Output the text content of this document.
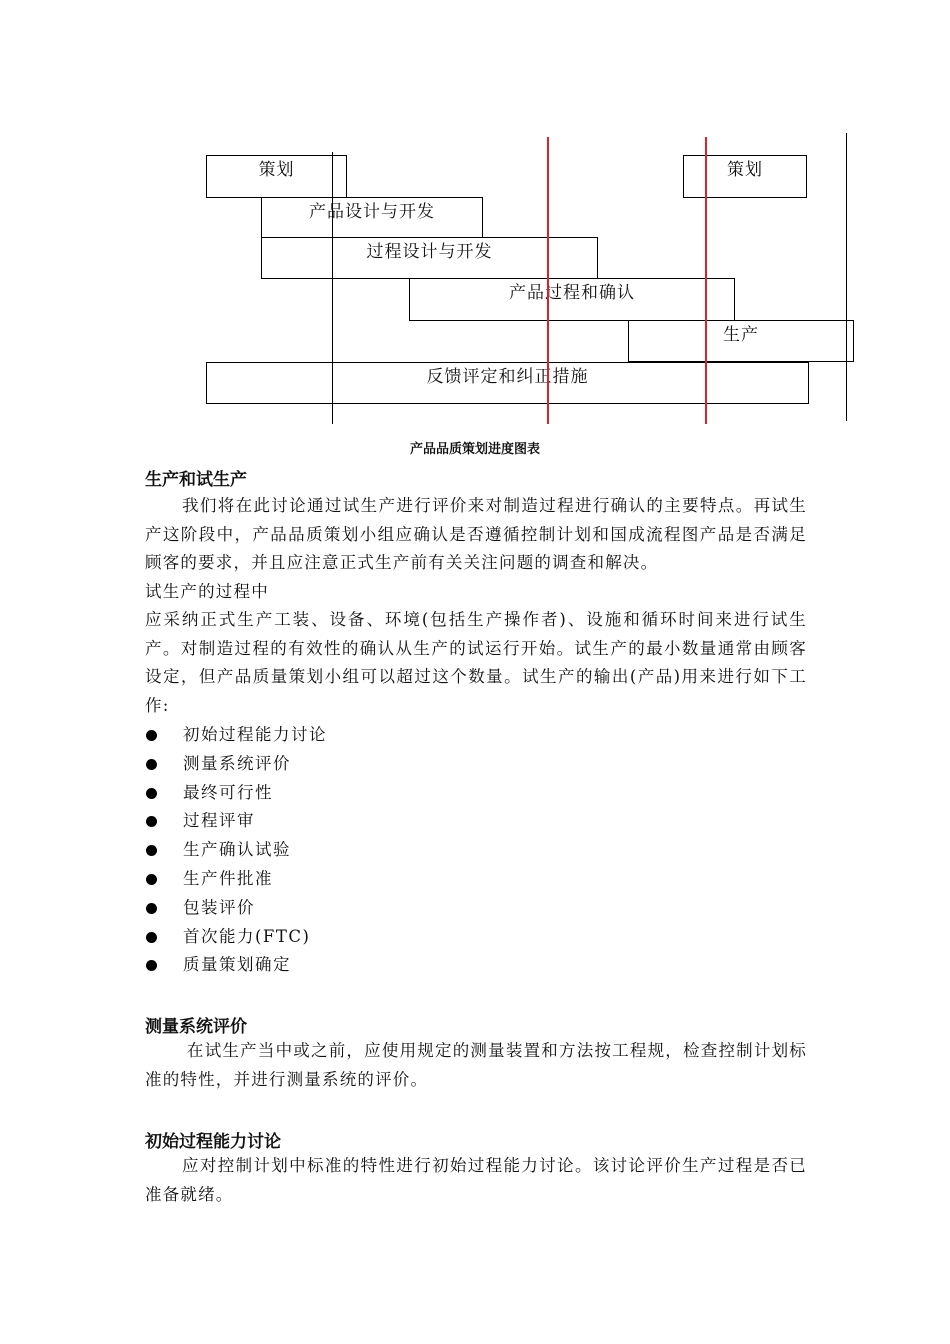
策划	策划
产品设计与开发
过程设计与开发
产品过程和确认
生产
反馈评定和纠正措施
产品品质策划进度图表
生产和试生产

我们将在此讨论通过试生产进行评价来对制造过程进行确认的主要特点。再试生产这阶段中，产品品质策划小组应确认是否遵循控制计划和国成流程图产品是否满足顾客的要求，并且应注意正式生产前有关关注问题的调查和解决。

试生产的过程中

应采纳正式生产工装、设备、环境(包括生产操作者)、设施和循环时间来进行试生产。对制造过程的有效性的确认从生产的试运行开始。试生产的最小数量通常由顾客设定，但产品质量策划小组可以超过这个数量。试生产的输出(产品)用来进行如下工作:

初始过程能力讨论
测量系统评价
最终可行性
过程评审
生产确认试验
生产件批准
包装评价
首次能力(FTC)
质量策划确定
测量系统评价

在试生产当中或之前，应使用规定的测量装置和方法按工程规，检查控制计划标准的特性，并进行测量系统的评价。

初始过程能力讨论

应对控制计划中标准的特性进行初始过程能力讨论。该讨论评价生产过程是否已准备就绪。
